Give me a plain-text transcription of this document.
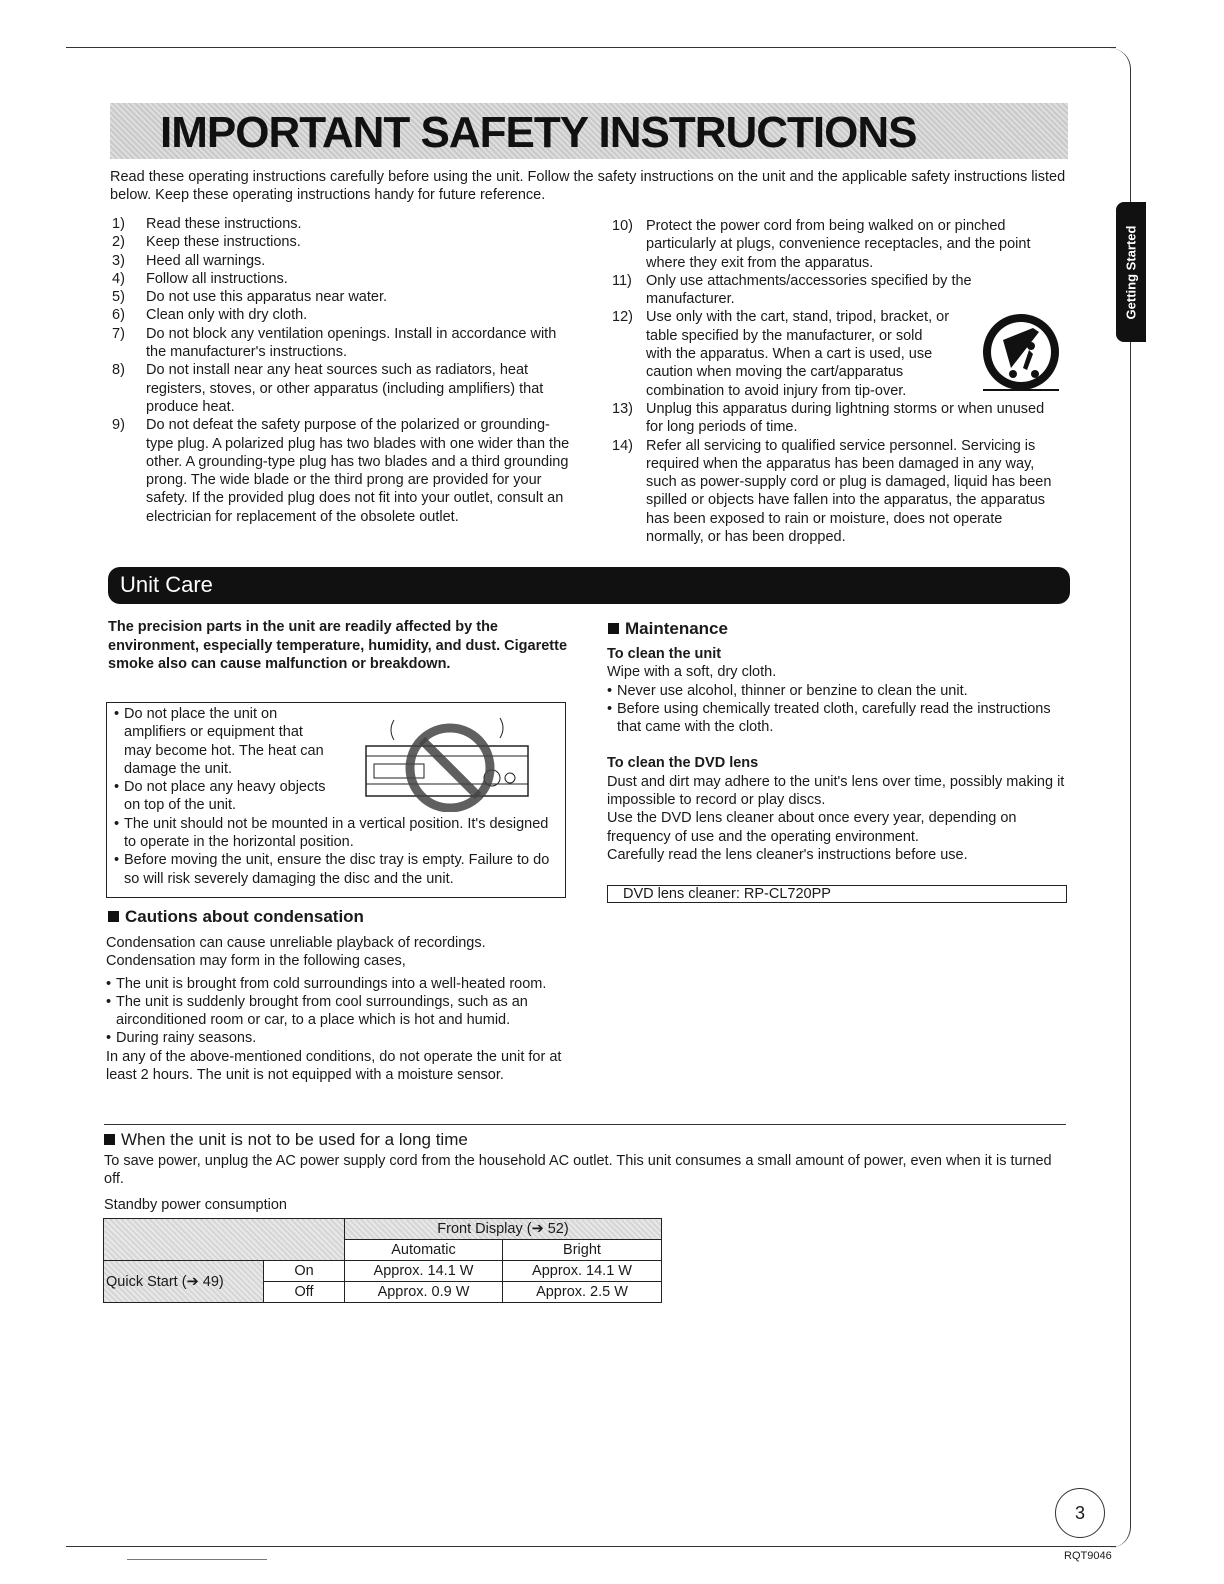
IMPORTANT SAFETY INSTRUCTIONS
Read these operating instructions carefully before using the unit. Follow the safety instructions on the unit and the applicable safety instructions listed below. Keep these operating instructions handy for future reference.
1)	Read these instructions.
2)	Keep these instructions.
3)	Heed all warnings.
4)	Follow all instructions.
5)	Do not use this apparatus near water.
6)	Clean only with dry cloth.
7)	Do not block any ventilation openings. Install in accordance with the manufacturer's instructions.
8)	Do not install near any heat sources such as radiators, heat registers, stoves, or other apparatus (including amplifiers) that produce heat.
9)	Do not defeat the safety purpose of the polarized or grounding-type plug. A polarized plug has two blades with one wider than the other. A grounding-type plug has two blades and a third grounding prong. The wide blade or the third prong are provided for your safety. If the provided plug does not fit into your outlet, consult an electrician for replacement of the obsolete outlet.
10) Protect the power cord from being walked on or pinched particularly at plugs, convenience receptacles, and the point where they exit from the apparatus.
11) Only use attachments/accessories specified by the manufacturer.
12) Use only with the cart, stand, tripod, bracket, or table specified by the manufacturer, or sold with the apparatus. When a cart is used, use caution when moving the cart/apparatus combination to avoid injury from tip-over.
13) Unplug this apparatus during lightning storms or when unused for long periods of time.
14) Refer all servicing to qualified service personnel. Servicing is required when the apparatus has been damaged in any way, such as power-supply cord or plug is damaged, liquid has been spilled or objects have fallen into the apparatus, the apparatus has been exposed to rain or moisture, does not operate normally, or has been dropped.
Getting Started
Unit Care
The precision parts in the unit are readily affected by the environment, especially temperature, humidity, and dust. Cigarette smoke also can cause malfunction or breakdown.
• Do not place the unit on amplifiers or equipment that may become hot. The heat can damage the unit.
• Do not place any heavy objects on top of the unit.
• The unit should not be mounted in a vertical position. It's designed to operate in the horizontal position.
• Before moving the unit, ensure the disc tray is empty. Failure to do so will risk severely damaging the disc and the unit.
Cautions about condensation
Condensation can cause unreliable playback of recordings. Condensation may form in the following cases,
• The unit is brought from cold surroundings into a well-heated room.
• The unit is suddenly brought from cool surroundings, such as an airconditioned room or car, to a place which is hot and humid.
• During rainy seasons.
In any of the above-mentioned conditions, do not operate the unit for at least 2 hours. The unit is not equipped with a moisture sensor.
Maintenance
To clean the unit
Wipe with a soft, dry cloth.
• Never use alcohol, thinner or benzine to clean the unit.
• Before using chemically treated cloth, carefully read the instructions that came with the cloth.
To clean the DVD lens
Dust and dirt may adhere to the unit's lens over time, possibly making it impossible to record or play discs.
Use the DVD lens cleaner about once every year, depending on frequency of use and the operating environment.
Carefully read the lens cleaner's instructions before use.
DVD lens cleaner: RP-CL720PP
When the unit is not to be used for a long time
To save power, unplug the AC power supply cord from the household AC outlet. This unit consumes a small amount of power, even when it is turned off.
Standby power consumption
		Front Display (➔ 52)	
		Automatic	Bright
Quick Start (➔ 49)	On	Approx. 14.1 W	Approx. 14.1 W
	Off	Approx. 0.9 W	Approx. 2.5 W
3
RQT9046
